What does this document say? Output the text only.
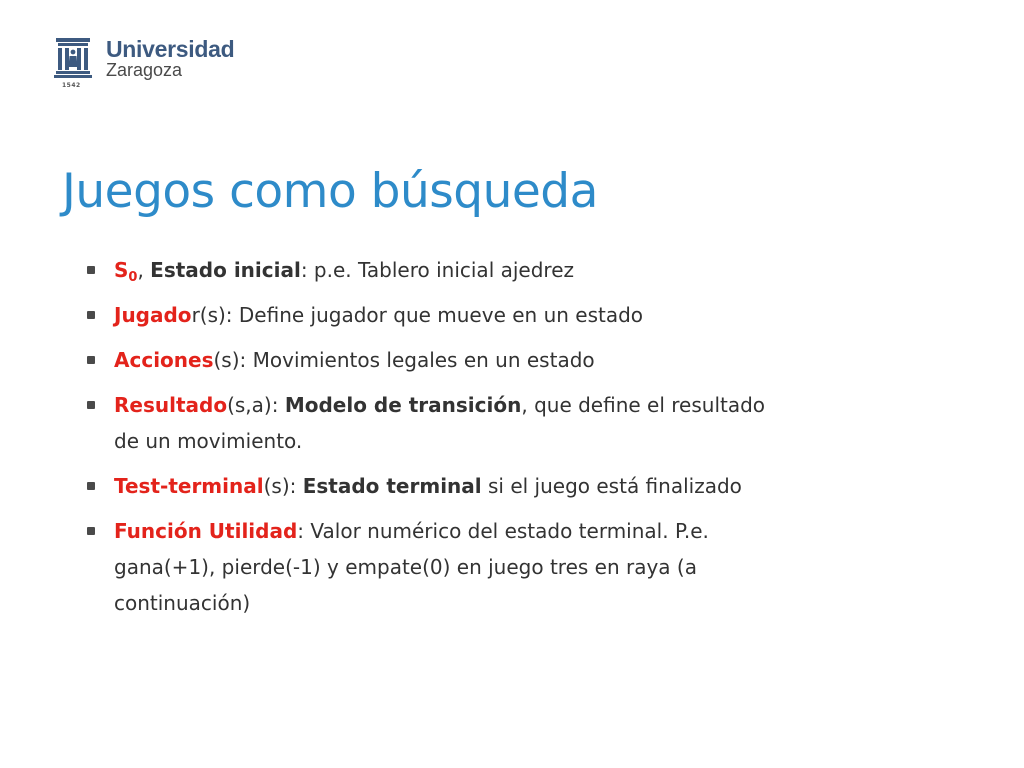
1542
Universidad
Zaragoza
Juegos como búsqueda
$S_0$, Estado inicial: p.e. Tablero inicial ajedrez
Jugador(s): Define jugador que mueve en un estado
Acciones(s): Movimientos legales en un estado
Resultado(s,a): Modelo de transición, que define el resultado de un movimiento.
Test-terminal(s): Estado terminal si el juego está finalizado
Función Utilidad: Valor numérico del estado terminal. P.e. gana(+1), pierde(-1) y empate(0) en juego tres en raya (a continuación)
